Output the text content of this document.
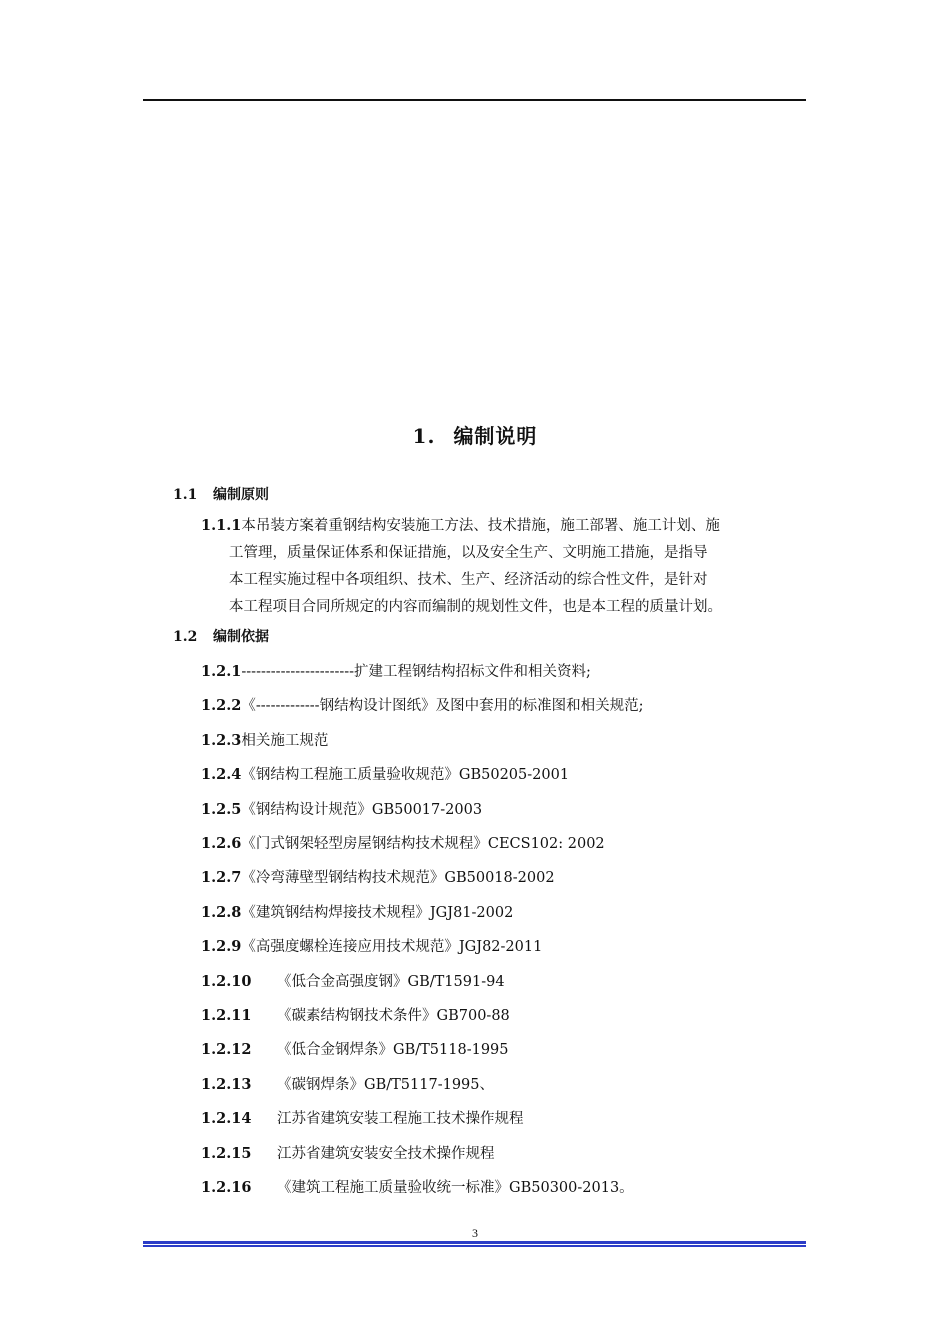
1. 编制说明
1.1 编制原则
1.1.1本吊装方案着重钢结构安装施工方法、技术措施，施工部署、施工计划、施
工管理，质量保证体系和保证措施，以及安全生产、文明施工措施，是指导
本工程实施过程中各项组织、技术、生产、经济活动的综合性文件，是针对
本工程项目合同所规定的内容而编制的规划性文件，也是本工程的质量计划。
1.2 编制依据
1.2.1-----------------------扩建工程钢结构招标文件和相关资料;
1.2.2《-------------钢结构设计图纸》及图中套用的标准图和相关规范;
1.2.3相关施工规范
1.2.4《钢结构工程施工质量验收规范》GB50205-2001
1.2.5《钢结构设计规范》GB50017-2003
1.2.6《门式钢架轻型房屋钢结构技术规程》CECS102: 2002
1.2.7《冷弯薄壁型钢结构技术规范》GB50018-2002
1.2.8《建筑钢结构焊接技术规程》JGJ81-2002
1.2.9《高强度螺栓连接应用技术规范》JGJ82-2011
1.2.10 《低合金高强度钢》GB/T1591-94
1.2.11 《碳素结构钢技术条件》GB700-88
1.2.12 《低合金钢焊条》GB/T5118-1995
1.2.13 《碳钢焊条》GB/T5117-1995、
1.2.14 江苏省建筑安装工程施工技术操作规程
1.2.15 江苏省建筑安装安全技术操作规程
1.2.16 《建筑工程施工质量验收统一标准》GB50300-2013。
3
